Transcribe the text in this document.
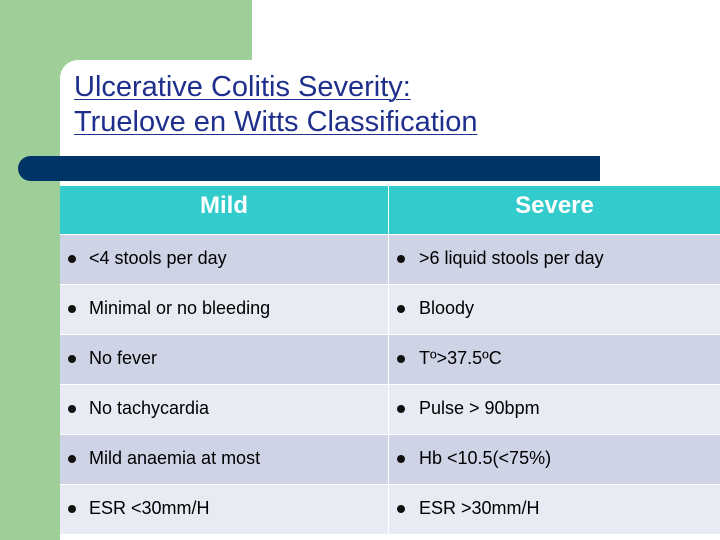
Ulcerative Colitis Severity:
Truelove en Witts Classification
Mild	Severe
<4 stools per day	>6 liquid stools per day
Minimal or no bleeding	Bloody
No fever	Tº>37.5ºC
No tachycardia	Pulse > 90bpm
Mild anaemia at most	Hb <10.5(<75%)
ESR <30mm/H	ESR >30mm/H
